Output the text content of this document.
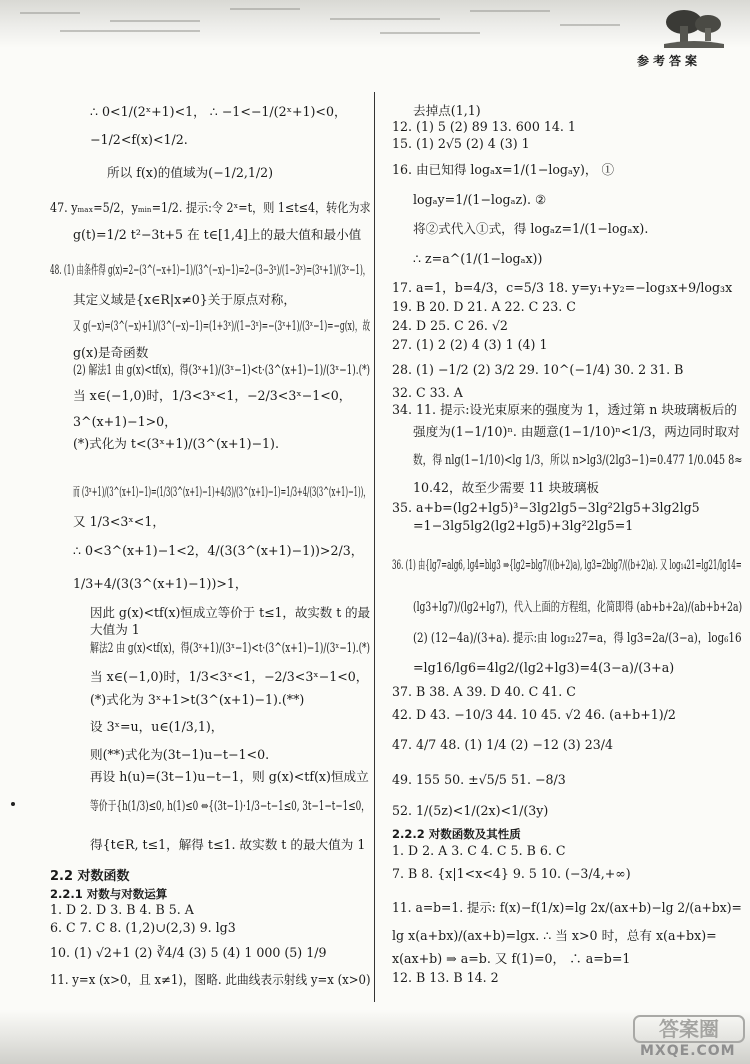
参考答案
答案圈
MXQE.COM
∴ 0<1/(2ˣ+1)<1， ∴ −1<−1/(2ˣ+1)<0，
−1/2<f(x)<1/2.
所以 f(x)的值域为(−1/2,1/2)
47. yₘₐₓ=5/2，yₘᵢₙ=1/2. 提示:令 2ˣ=t，则 1≤t≤4，转化为求
g(t)=1/2 t²−3t+5 在 t∈[1,4]上的最大值和最小值
48. (1) 由条件得 g(x)=2−(3^(−x+1)−1)/(3^(−x)−1)=2−(3−3ˣ)/(1−3ˣ)=(3ˣ+1)/(3ˣ−1)，
其定义域是{x∈R|x≠0}关于原点对称，
又 g(−x)=(3^(−x)+1)/(3^(−x)−1)=(1+3ˣ)/(1−3ˣ)=−(3ˣ+1)/(3ˣ−1)=−g(x)，故
g(x)是奇函数
(2) 解法1 由 g(x)<tf(x)，得(3ˣ+1)/(3ˣ−1)<t·(3^(x+1)−1)/(3ˣ−1).(*)
当 x∈(−1,0)时，1/3<3ˣ<1，−2/3<3ˣ−1<0，
3^(x+1)−1>0，
(*)式化为 t<(3ˣ+1)/(3^(x+1)−1).
而 (3ˣ+1)/(3^(x+1)−1)=(1/3(3^(x+1)−1)+4/3)/(3^(x+1)−1)=1/3+4/(3(3^(x+1)−1))，
又 1/3<3ˣ<1，
∴ 0<3^(x+1)−1<2，4/(3(3^(x+1)−1))>2/3，
1/3+4/(3(3^(x+1)−1))>1，
因此 g(x)<tf(x)恒成立等价于 t≤1，故实数 t 的最
大值为 1
解法2 由 g(x)<tf(x)，得(3ˣ+1)/(3ˣ−1)<t·(3^(x+1)−1)/(3ˣ−1).(*)
当 x∈(−1,0)时，1/3<3ˣ<1，−2/3<3ˣ−1<0，
(*)式化为 3ˣ+1>t(3^(x+1)−1).(**)
设 3ˣ=u，u∈(1/3,1)，
则(**)式化为(3t−1)u−t−1<0.
再设 h(u)=(3t−1)u−t−1，则 g(x)<tf(x)恒成立
等价于{h(1/3)≤0, h(1)≤0 ⇔{(3t−1)·1/3−t−1≤0, 3t−1−t−1≤0，
得{t∈R, t≤1，解得 t≤1. 故实数 t 的最大值为 1
2.2 对数函数
2.2.1 对数与对数运算
1. D 2. D 3. B 4. B 5. A
6. C 7. C 8. (1,2)∪(2,3) 9. lg3
10. (1) √2+1 (2) ∛4/4 (3) 5 (4) 1 000 (5) 1/9
11. y=x (x>0，且 x≠1)，图略. 此曲线表示射线 y=x (x>0)
去掉点(1,1)
12. (1) 5 (2) 89 13. 600 14. 1
15. (1) 2√5 (2) 4 (3) 1
16. 由已知得 logₐx=1/(1−logₐy)， ①
logₐy=1/(1−logₐz). ②
将②式代入①式，得 logₐz=1/(1−logₐx).
∴ z=a^(1/(1−logₐx))
17. a=1，b=4/3，c=5/3 18. y=y₁+y₂=−log₃x+9/log₃x
19. B 20. D 21. A 22. C 23. C
24. D 25. C 26. √2
27. (1) 2 (2) 4 (3) 1 (4) 1
28. (1) −1/2 (2) 3/2 29. 10^(−1/4) 30. 2 31. B
32. C 33. A
34. 11. 提示:设光束原来的强度为 1，透过第 n 块玻璃板后的
强度为(1−1/10)ⁿ. 由题意(1−1/10)ⁿ<1/3，两边同时取对
数，得 nlg(1−1/10)<lg 1/3，所以 n>lg3/(2lg3−1)=0.477 1/0.045 8≈
10.42，故至少需要 11 块玻璃板
35. a+b=(lg2+lg5)³−3lg2lg5−3lg²2lg5+3lg2lg5
=1−3lg5lg2(lg2+lg5)+3lg²2lg5=1
36. (1) 由{lg7=alg6, lg4=blg3 ⇒{lg2=blg7/((b+2)a), lg3=2blg7/((b+2)a). 又 log₁₄21=lg21/lg14=
(lg3+lg7)/(lg2+lg7)，代入上面的方程组，化简即得 (ab+b+2a)/(ab+b+2a)
(2) (12−4a)/(3+a). 提示:由 log₁₂27=a，得 lg3=2a/(3−a)，log₆16
=lg16/lg6=4lg2/(lg2+lg3)=4(3−a)/(3+a)
37. B 38. A 39. D 40. C 41. C
42. D 43. −10/3 44. 10 45. √2 46. (a+b+1)/2
47. 4/7 48. (1) 1/4 (2) −12 (3) 23/4
49. 155 50. ±√5/5 51. −8/3
52. 1/(5z)<1/(2x)<1/(3y)
2.2.2 对数函数及其性质
1. D 2. A 3. C 4. C 5. B 6. C
7. B 8. {x|1<x<4} 9. 5 10. (−3/4,+∞)
11. a=b=1. 提示: f(x)−f(1/x)=lg 2x/(ax+b)−lg 2/(a+bx)=
lg x(a+bx)/(ax+b)=lgx. ∴ 当 x>0 时，总有 x(a+bx)=
x(ax+b) ⇒ a=b. 又 f(1)=0， ∴ a=b=1
12. B 13. B 14. 2
